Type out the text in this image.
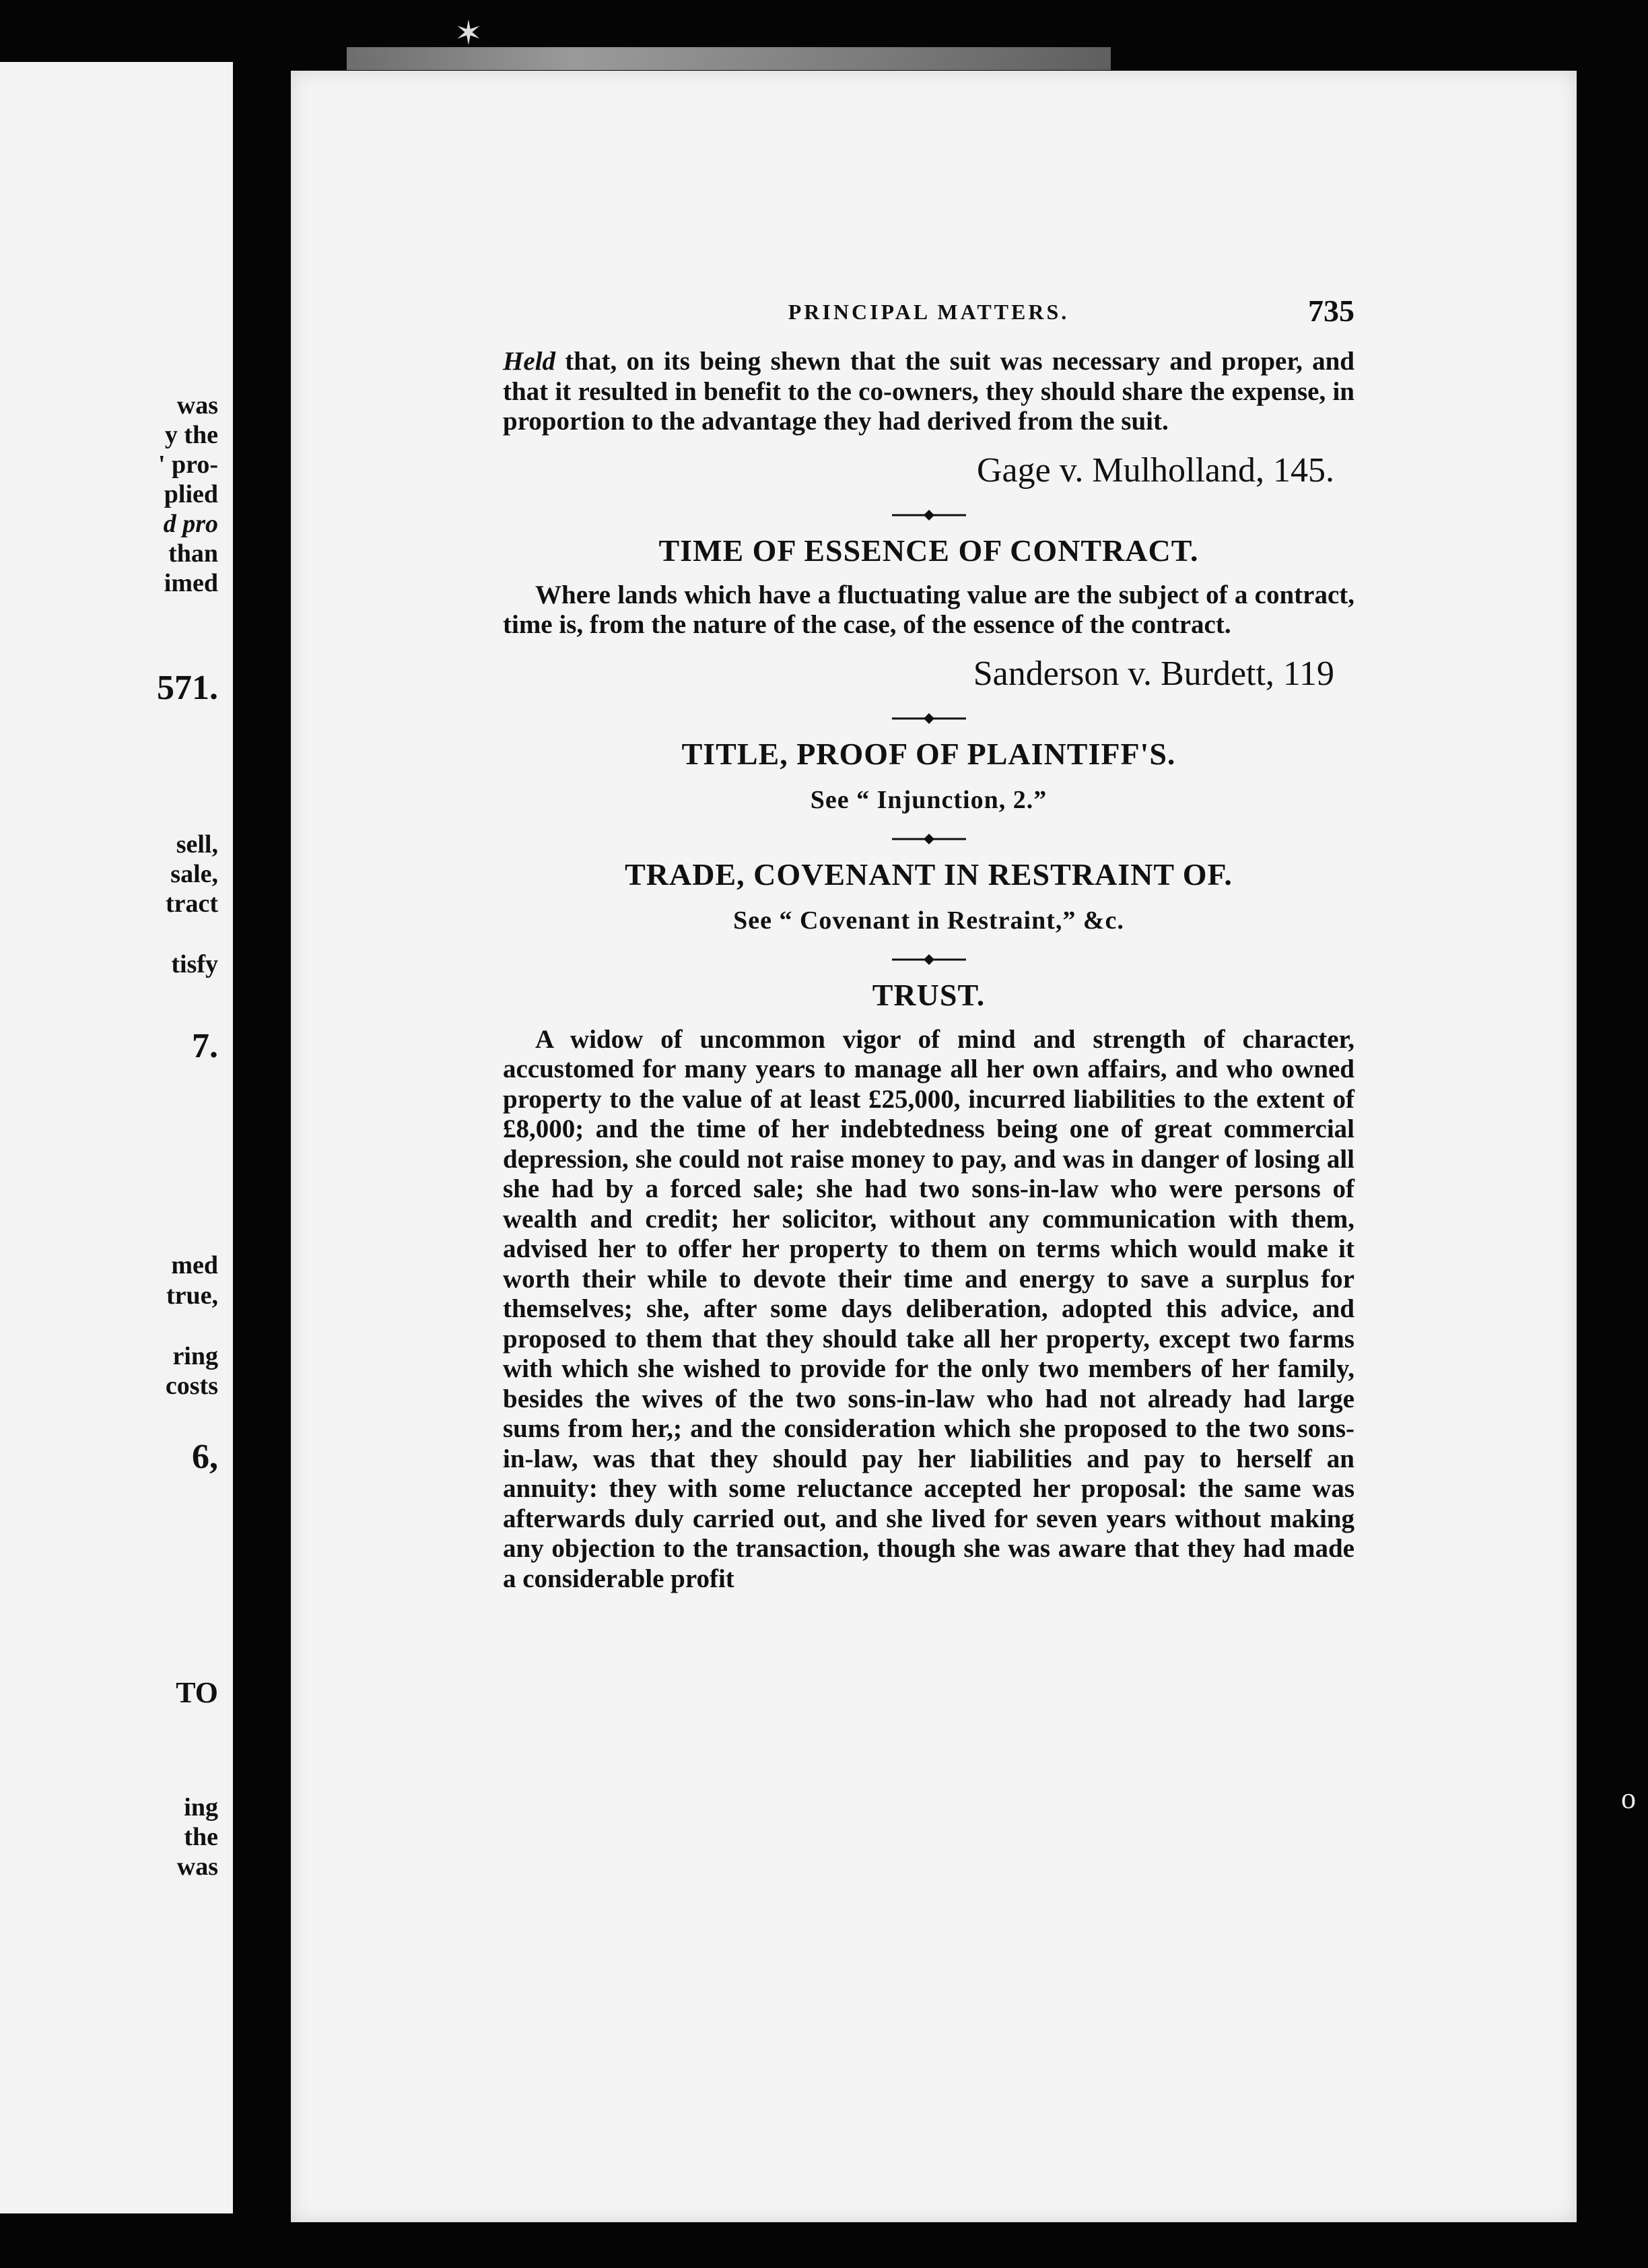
was
y the
' pro-
plied
d pro
than
imed
571.
sell,
sale,
tract
tisfy
7.
med
true,
ring
costs
6,
TO
ing
the
was
PRINCIPAL MATTERS.	735

Held that, on its being shewn that the suit was necessary and proper, and that it resulted in benefit to the co-owners, they should share the expense, in proportion to the advantage they had derived from the suit.

Gage v. Mulholland, 145.
TIME OF ESSENCE OF CONTRACT.

Where lands which have a fluctuating value are the subject of a contract, time is, from the nature of the case, of the essence of the contract.

Sanderson v. Burdett, 119
TITLE, PROOF OF PLAINTIFF'S.
See “ Injunction, 2.”
TRADE, COVENANT IN RESTRAINT OF.
See “ Covenant in Restraint,” &c.
TRUST.

A widow of uncommon vigor of mind and strength of character, accustomed for many years to manage all her own affairs, and who owned property to the value of at least £25,000, incurred liabilities to the extent of £8,000; and the time of her indebtedness being one of great commercial depression, she could not raise money to pay, and was in danger of losing all she had by a forced sale; she had two sons-in-law who were persons of wealth and credit; her solicitor, without any communication with them, advised her to offer her property to them on terms which would make it worth their while to devote their time and energy to save a surplus for themselves; she, after some days deliberation, adopted this advice, and proposed to them that they should take all her property, except two farms with which she wished to provide for the only two members of her family, besides the wives of the two sons-in-law who had not already had large sums from her,; and the consideration which she proposed to the two sons-in-law, was that they should pay her liabilities and pay to herself an annuity: they with some reluctance accepted her proposal: the same was afterwards duly carried out, and she lived for seven years without making any objection to the transaction, though she was aware that they had made a considerable profit

✶
o
